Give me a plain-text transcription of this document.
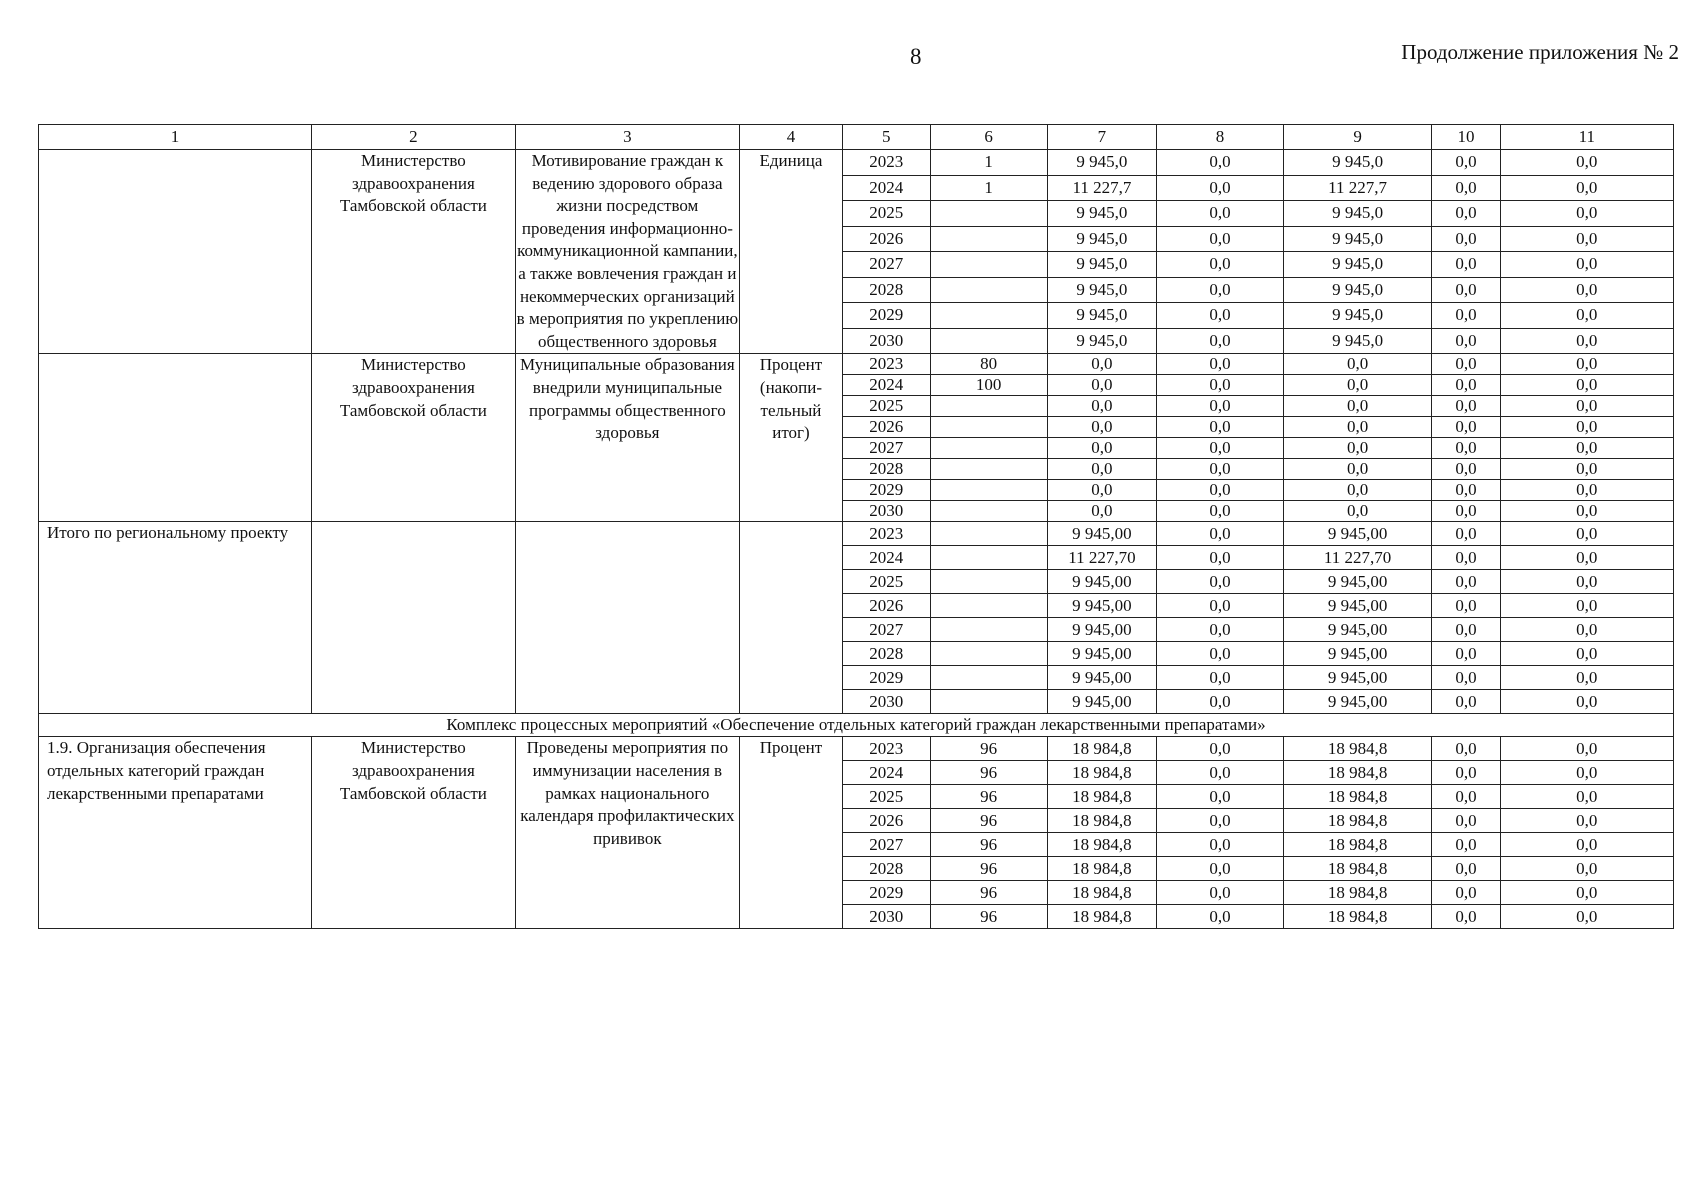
8	Продолжение приложения № 2
1	2	3	4	5	6	7	8	9	10	11
	Министерство здравоохранения Тамбовской области	Мотивирование граждан к ведению здорового образа жизни посредством проведения информационно-коммуникационной кампании, а также вовлечения граждан и некоммерческих организаций в мероприятия по укреплению общественного здоровья	Единица	2023	1	9 945,0	0,0	9 945,0	0,0	0,0
				2024	1	11 227,7	0,0	11 227,7	0,0	0,0
				2025		9 945,0	0,0	9 945,0	0,0	0,0
				2026		9 945,0	0,0	9 945,0	0,0	0,0
				2027		9 945,0	0,0	9 945,0	0,0	0,0
				2028		9 945,0	0,0	9 945,0	0,0	0,0
				2029		9 945,0	0,0	9 945,0	0,0	0,0
				2030		9 945,0	0,0	9 945,0	0,0	0,0
	Министерство здравоохранения Тамбовской области	Муниципальные образования внедрили муниципальные программы общественного здоровья	Процент (накопи-тельный итог)	2023	80	0,0	0,0	0,0	0,0	0,0
				2024	100	0,0	0,0	0,0	0,0	0,0
				2025		0,0	0,0	0,0	0,0	0,0
				2026		0,0	0,0	0,0	0,0	0,0
				2027		0,0	0,0	0,0	0,0	0,0
				2028		0,0	0,0	0,0	0,0	0,0
				2029		0,0	0,0	0,0	0,0	0,0
				2030		0,0	0,0	0,0	0,0	0,0
Итого по региональному проекту				2023		9 945,00	0,0	9 945,00	0,0	0,0
				2024		11 227,70	0,0	11 227,70	0,0	0,0
				2025		9 945,00	0,0	9 945,00	0,0	0,0
				2026		9 945,00	0,0	9 945,00	0,0	0,0
				2027		9 945,00	0,0	9 945,00	0,0	0,0
				2028		9 945,00	0,0	9 945,00	0,0	0,0
				2029		9 945,00	0,0	9 945,00	0,0	0,0
				2030		9 945,00	0,0	9 945,00	0,0	0,0
Комплекс процессных мероприятий «Обеспечение отдельных категорий граждан лекарственными препаратами»										
1.9. Организация обеспечения отдельных категорий граждан лекарственными препаратами	Министерство здравоохранения Тамбовской области	Проведены мероприятия по иммунизации населения в рамках национального календаря профилактических прививок	Процент	2023	96	18 984,8	0,0	18 984,8	0,0	0,0
				2024	96	18 984,8	0,0	18 984,8	0,0	0,0
				2025	96	18 984,8	0,0	18 984,8	0,0	0,0
				2026	96	18 984,8	0,0	18 984,8	0,0	0,0
				2027	96	18 984,8	0,0	18 984,8	0,0	0,0
				2028	96	18 984,8	0,0	18 984,8	0,0	0,0
				2029	96	18 984,8	0,0	18 984,8	0,0	0,0
				2030	96	18 984,8	0,0	18 984,8	0,0	0,0
